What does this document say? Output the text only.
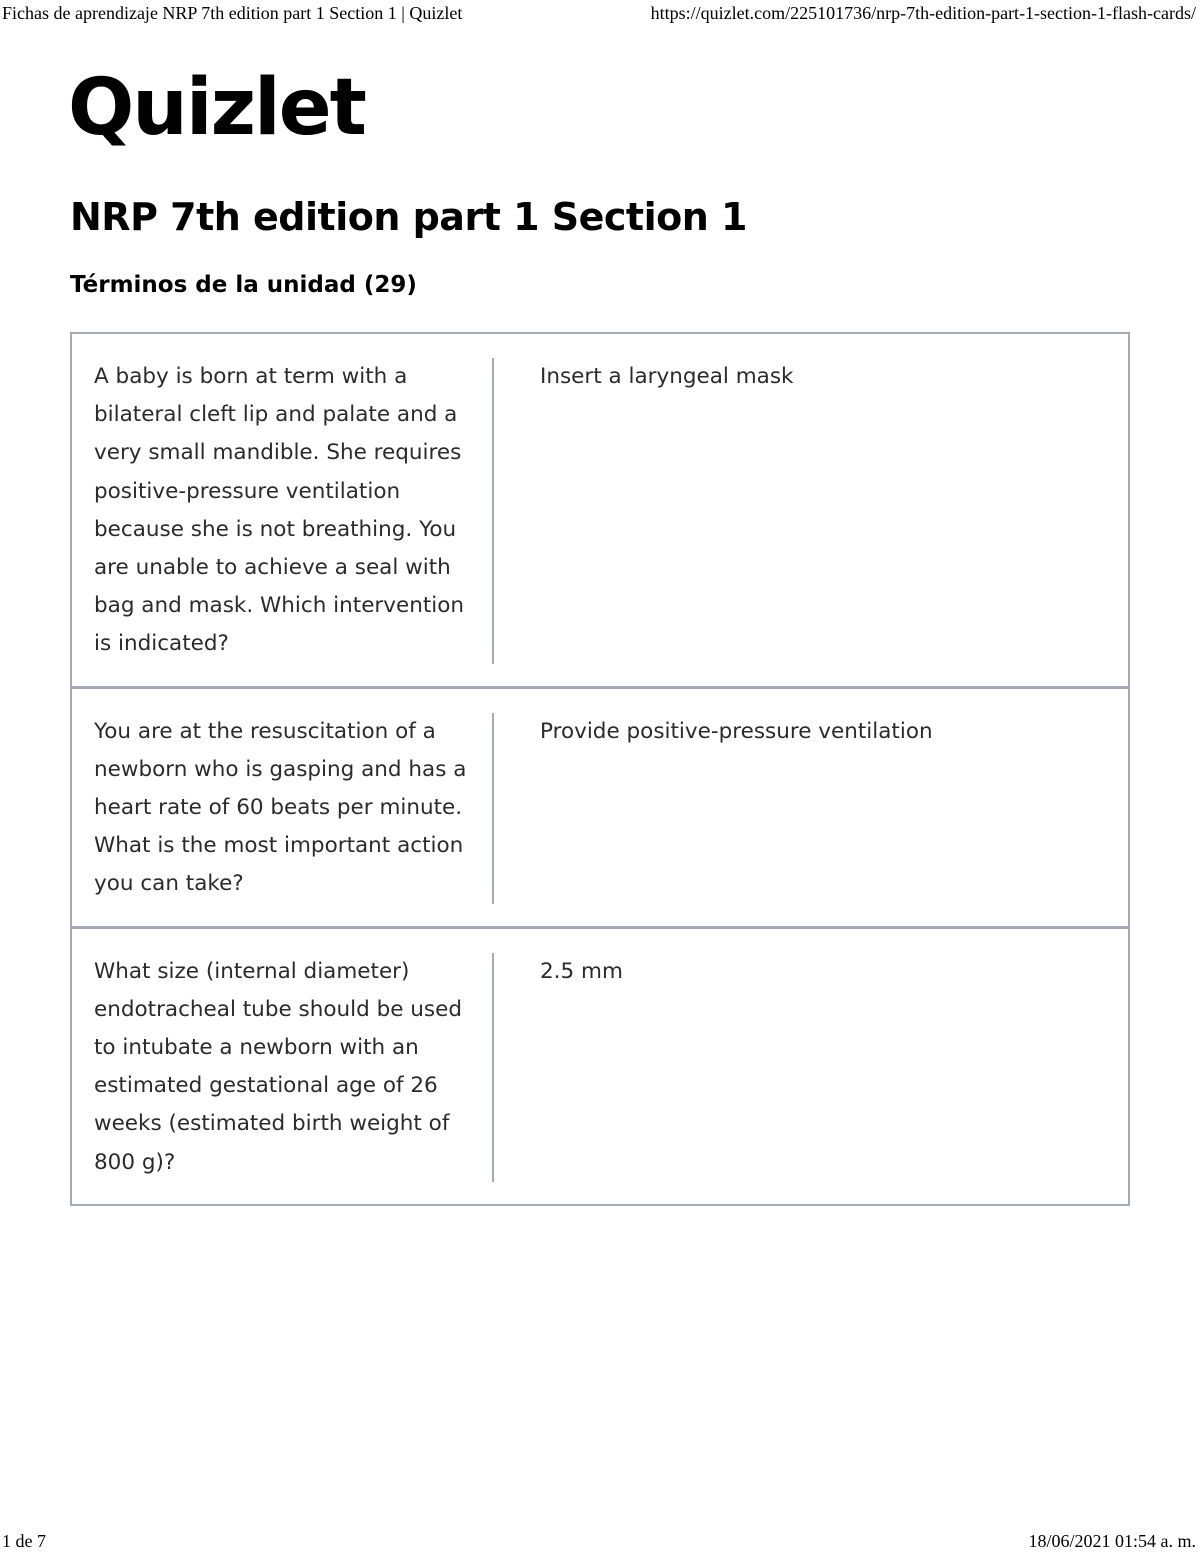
Fichas de aprendizaje NRP 7th edition part 1 Section 1 | Quizlet	https://quizlet.com/225101736/nrp-7th-edition-part-1-section-1-flash-cards/
Quizlet
NRP 7th edition part 1 Section 1
Términos de la unidad (29)
A baby is born at term with a bilateral cleft lip and palate and a very small mandible. She requires positive-pressure ventilation because she is not breathing. You are unable to achieve a seal with bag and mask. Which intervention is indicated?
Insert a laryngeal mask
You are at the resuscitation of a newborn who is gasping and has a heart rate of 60 beats per minute. What is the most important action you can take?
Provide positive-pressure ventilation
What size (internal diameter) endotracheal tube should be used to intubate a newborn with an estimated gestational age of 26 weeks (estimated birth weight of 800 g)?
2.5 mm
1 de 7	18/06/2021 01:54 a. m.
